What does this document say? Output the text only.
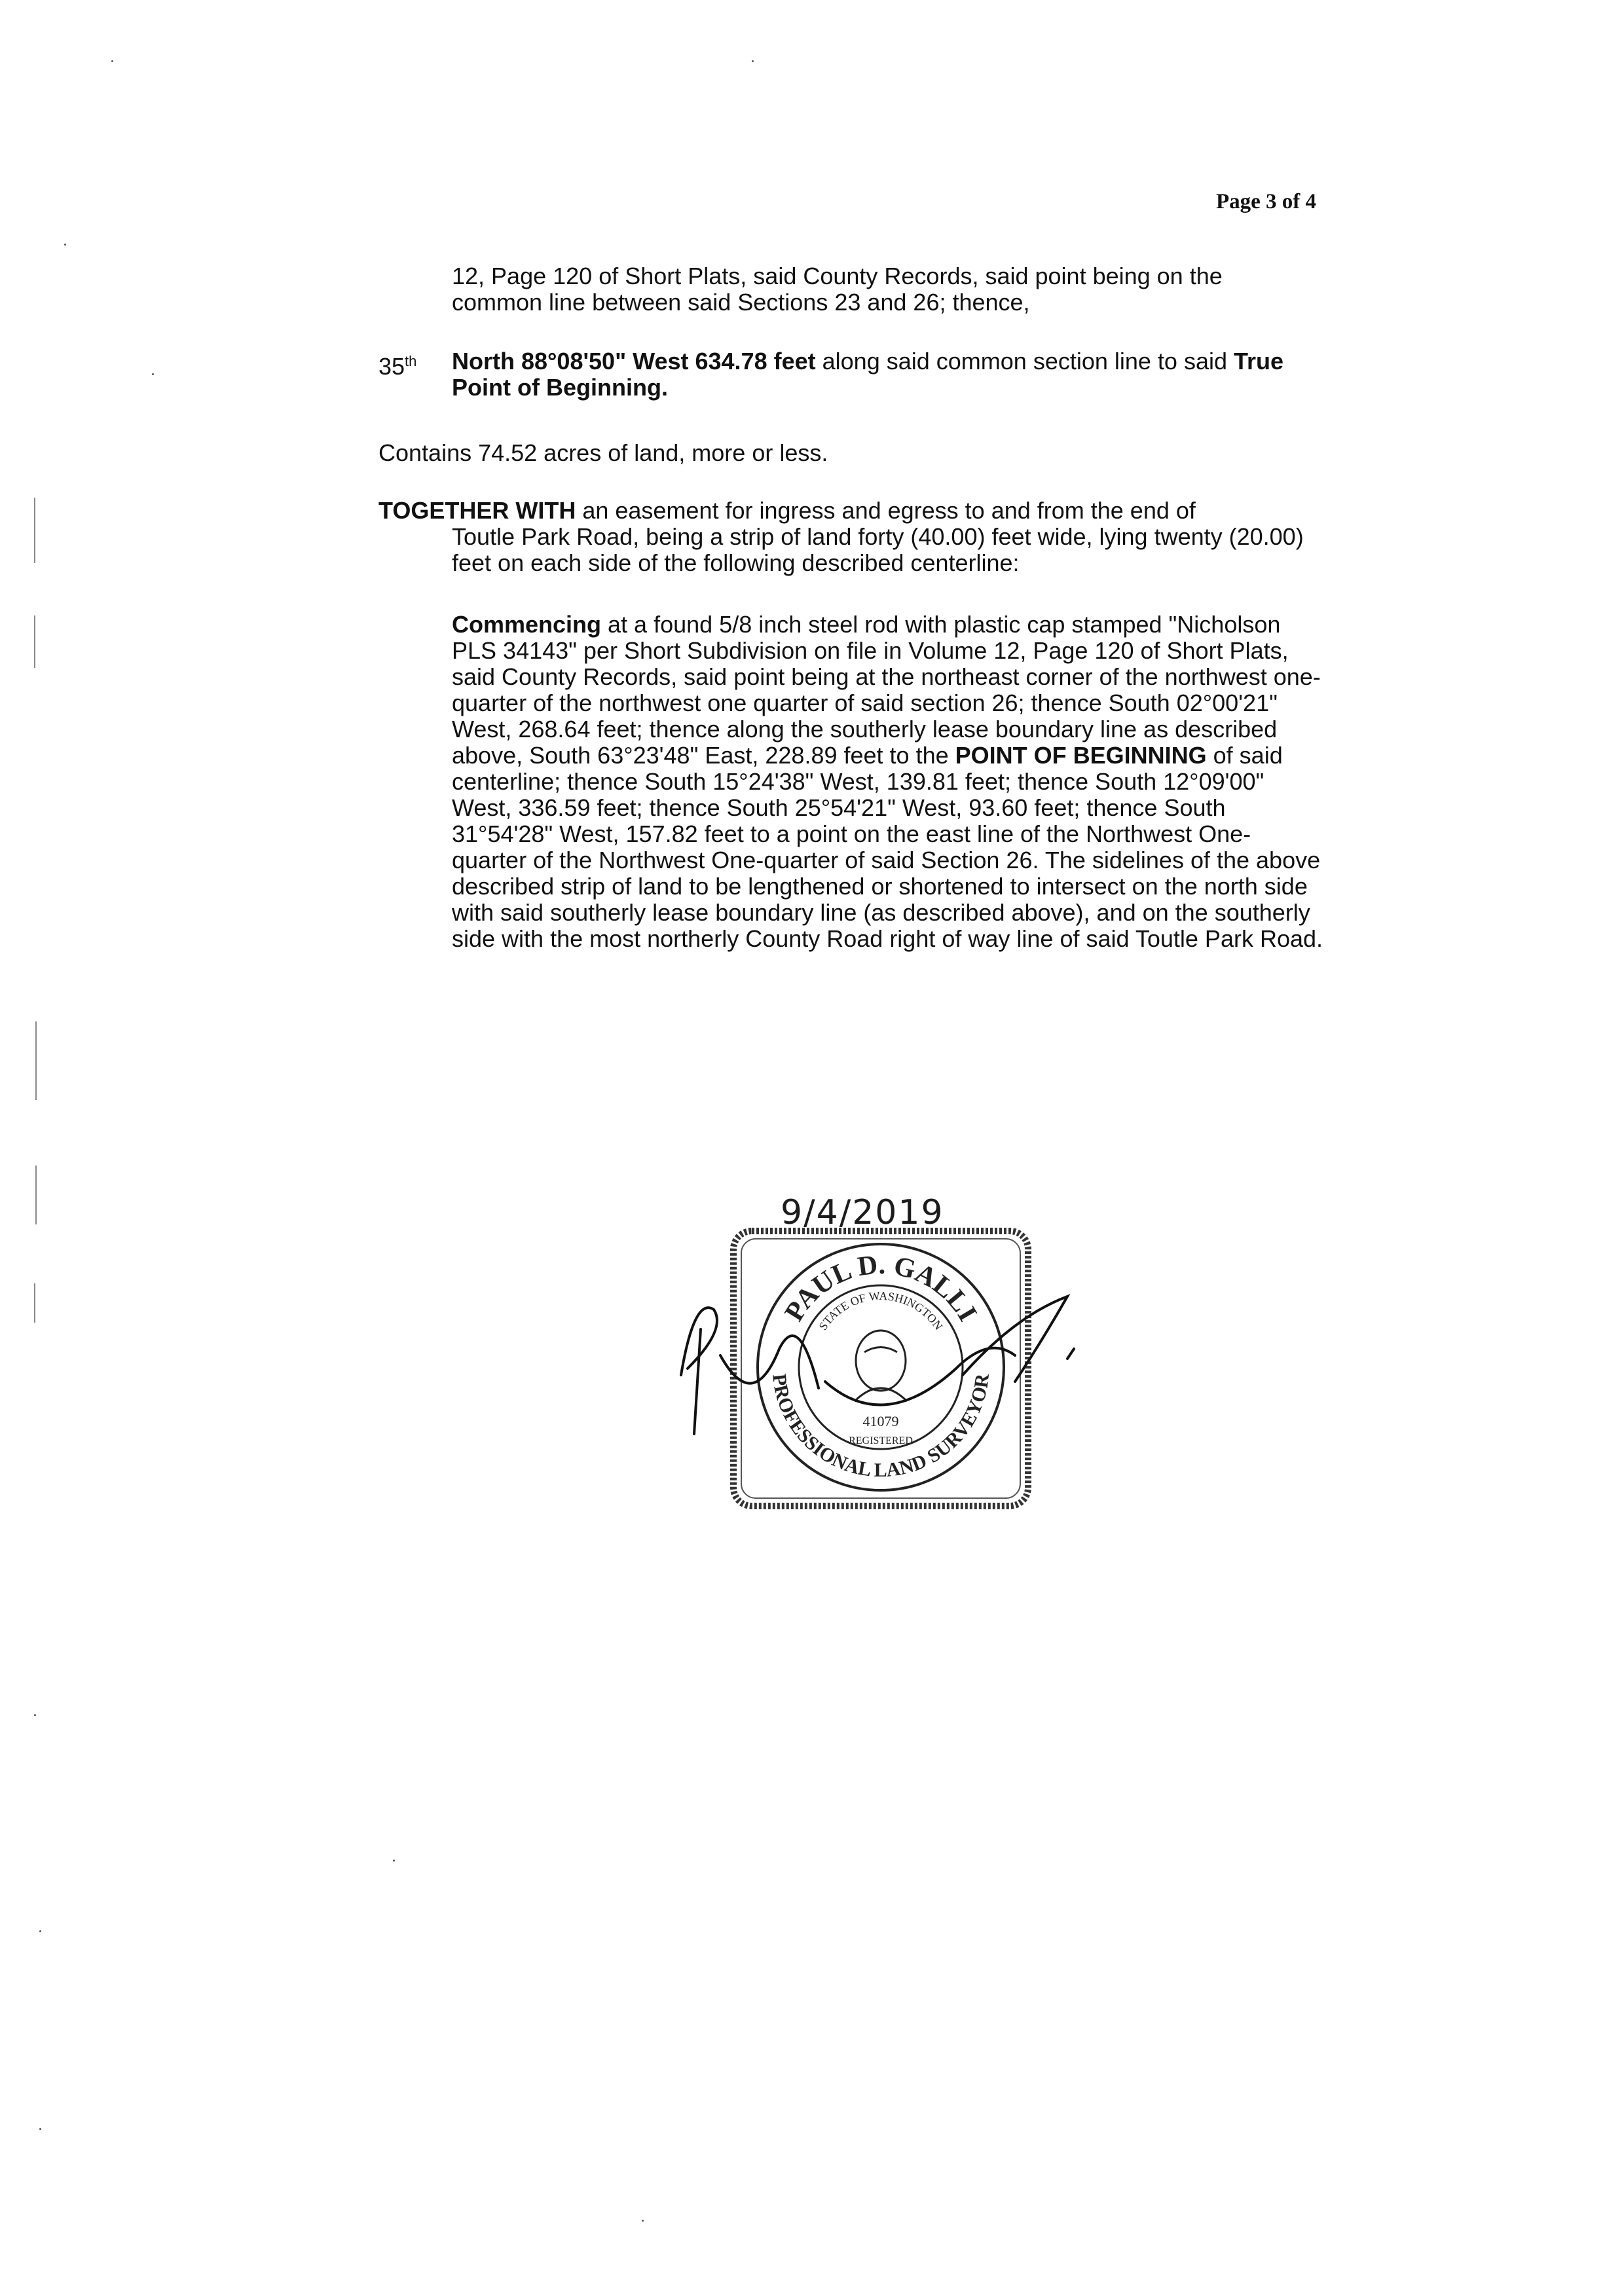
Page 3 of 4

12, Page 120 of Short Plats, said County Records, said point being on the common line between said Sections 23 and 26; thence,

35th North 88°08'50" West 634.78 feet along said common section line to said True Point of Beginning.

Contains 74.52 acres of land, more or less.

TOGETHER WITH an easement for ingress and egress to and from the end of
Toutle Park Road, being a strip of land forty (40.00) feet wide, lying twenty (20.00) feet on each side of the following described centerline:

Commencing at a found 5/8 inch steel rod with plastic cap stamped "Nicholson PLS 34143" per Short Subdivision on file in Volume 12, Page 120 of Short Plats, said County Records, said point being at the northeast corner of the northwest one-quarter of the northwest one quarter of said section 26; thence South 02°00'21" West, 268.64 feet; thence along the southerly lease boundary line as described above, South 63°23'48" East, 228.89 feet to the POINT OF BEGINNING of said centerline; thence South 15°24'38" West, 139.81 feet; thence South 12°09'00" West, 336.59 feet; thence South 25°54'21" West, 93.60 feet; thence South 31°54'28" West, 157.82 feet to a point on the east line of the Northwest One-quarter of the Northwest One-quarter of said Section 26. The sidelines of the above described strip of land to be lengthened or shortened to intersect on the north side with said southerly lease boundary line (as described above), and on the southerly side with the most northerly County Road right of way line of said Toutle Park Road.

9/4/2019
PAUL D. GALLI
STATE OF WASHINGTON
41079
REGISTERED
PROFESSIONAL LAND SURVEYOR
